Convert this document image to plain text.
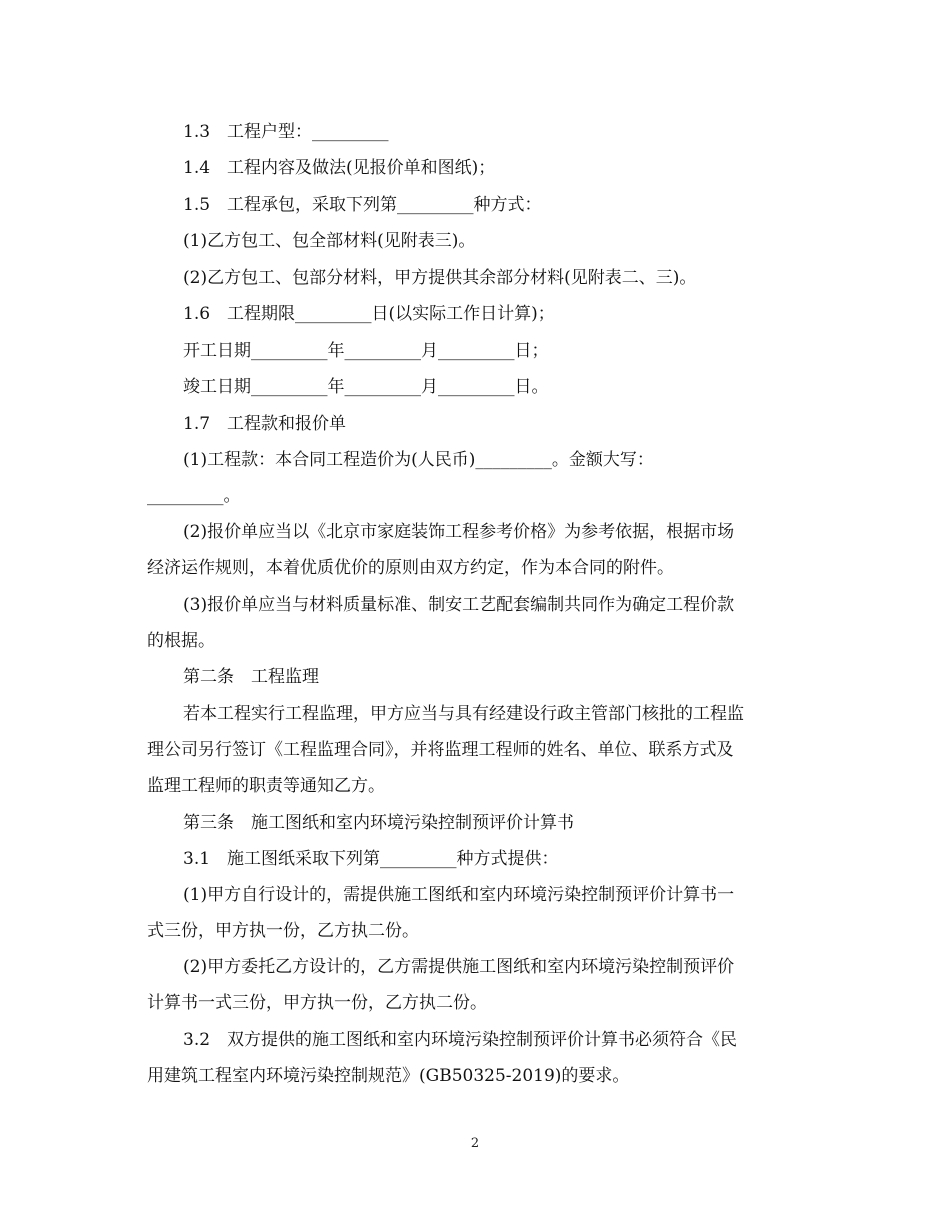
1.3　工程户型：_________
1.4　工程内容及做法(见报价单和图纸)；
1.5　工程承包，采取下列第_________种方式：
(1)乙方包工、包全部材料(见附表三)。
(2)乙方包工、包部分材料，甲方提供其余部分材料(见附表二、三)。
1.6　工程期限_________日(以实际工作日计算)；
开工日期_________年_________月_________日；
竣工日期_________年_________月_________日。
1.7　工程款和报价单
(1)工程款：本合同工程造价为(人民币)_________。金额大写：
_________。
(2)报价单应当以《北京市家庭装饰工程参考价格》为参考依据，根据市场
经济运作规则，本着优质优价的原则由双方约定，作为本合同的附件。
(3)报价单应当与材料质量标准、制安工艺配套编制共同作为确定工程价款
的根据。
第二条　工程监理
若本工程实行工程监理，甲方应当与具有经建设行政主管部门核批的工程监
理公司另行签订《工程监理合同》，并将监理工程师的姓名、单位、联系方式及
监理工程师的职责等通知乙方。
第三条　施工图纸和室内环境污染控制预评价计算书
3.1　施工图纸采取下列第_________种方式提供：
(1)甲方自行设计的，需提供施工图纸和室内环境污染控制预评价计算书一
式三份，甲方执一份，乙方执二份。
(2)甲方委托乙方设计的，乙方需提供施工图纸和室内环境污染控制预评价
计算书一式三份，甲方执一份，乙方执二份。
3.2　双方提供的施工图纸和室内环境污染控制预评价计算书必须符合《民
用建筑工程室内环境污染控制规范》(GB50325-2019)的要求。
2
